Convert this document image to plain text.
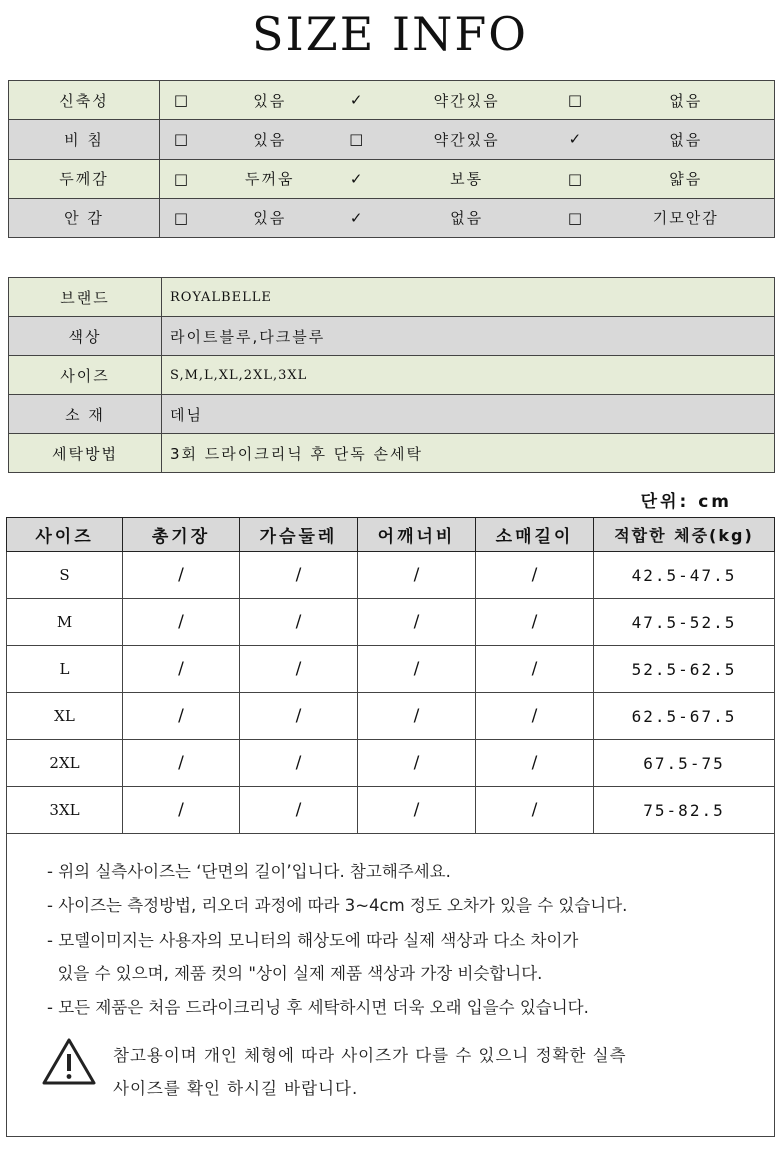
SIZE INFO
신축성	□	있음	✓	약간있음	□	없음
비 침	□	있음	□	약간있음	✓	없음
두께감	□	두꺼움	✓	보통	□	얇음
안 감	□	있음	✓	없음	□	기모안감
브랜드	ROYALBELLE
색상	라이트블루,다크블루
사이즈	S,M,L,XL,2XL,3XL
소 재	데님
세탁방법	3회 드라이크리닉 후 단독 손세탁
단위: cm
사이즈	총기장	가슴둘레	어깨너비	소매길이	적합한 체중(kg)
S	/	/	/	/	42.5-47.5
M	/	/	/	/	47.5-52.5
L	/	/	/	/	52.5-62.5
XL	/	/	/	/	62.5-67.5
2XL	/	/	/	/	67.5-75
3XL	/	/	/	/	75-82.5
- 위의 실측사이즈는 ‘단면의 길이’입니다. 참고해주세요.
- 사이즈는 측정방법, 리오더 과정에 따라 3~4cm 정도 오차가 있을 수 있습니다.
- 모델이미지는 사용자의 모니터의 해상도에 따라 실제 색상과 다소 차이가
있을 수 있으며, 제품 컷의 "상이 실제 제품 색상과 가장 비슷합니다.
- 모든 제품은 처음 드라이크리닝 후 세탁하시면 더욱 오래 입을수 있습니다.
참고용이며 개인 체형에 따라 사이즈가 다를 수 있으니 정확한 실측
사이즈를 확인 하시길 바랍니다.
